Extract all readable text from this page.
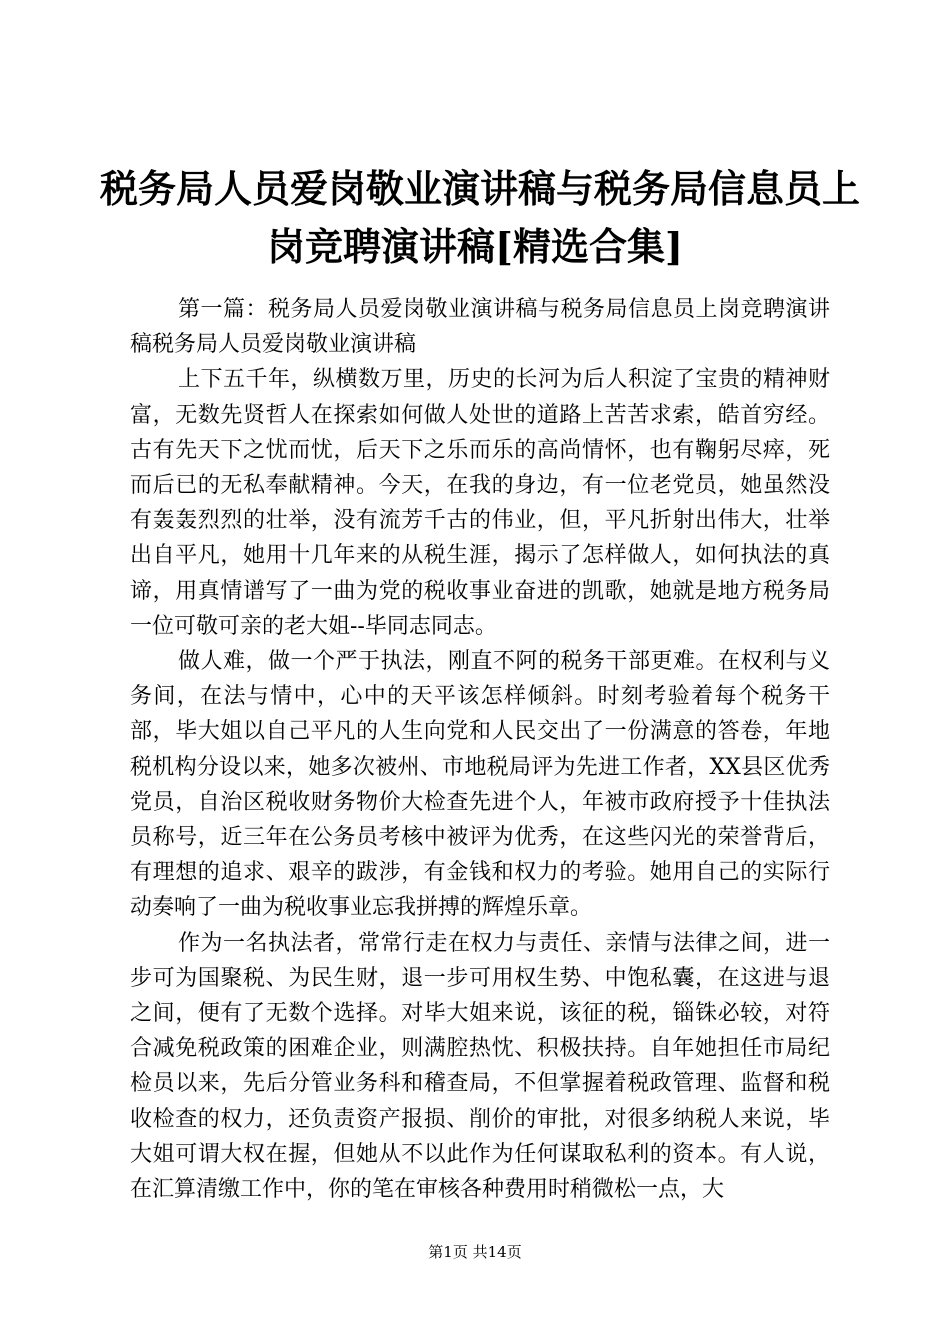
税务局人员爱岗敬业演讲稿与税务局信息员上
岗竞聘演讲稿[精选合集]

第一篇：税务局人员爱岗敬业演讲稿与税务局信息员上岗竞聘演讲稿税务局人员爱岗敬业演讲稿

上下五千年，纵横数万里，历史的长河为后人积淀了宝贵的精神财富，无数先贤哲人在探索如何做人处世的道路上苦苦求索，皓首穷经。古有先天下之忧而忧，后天下之乐而乐的高尚情怀，也有鞠躬尽瘁，死而后已的无私奉献精神。今天，在我的身边，有一位老党员，她虽然没有轰轰烈烈的壮举，没有流芳千古的伟业，但，平凡折射出伟大，壮举出自平凡，她用十几年来的从税生涯，揭示了怎样做人，如何执法的真谛，用真情谱写了一曲为党的税收事业奋进的凯歌，她就是地方税务局一位可敬可亲的老大姐--毕同志同志。

做人难，做一个严于执法，刚直不阿的税务干部更难。在权利与义务间，在法与情中，心中的天平该怎样倾斜。时刻考验着每个税务干部，毕大姐以自己平凡的人生向党和人民交出了一份满意的答卷，年地税机构分设以来，她多次被州、市地税局评为先进工作者，XX县区优秀党员，自治区税收财务物价大检查先进个人，年被市政府授予十佳执法员称号，近三年在公务员考核中被评为优秀，在这些闪光的荣誉背后，有理想的追求、艰辛的跋涉，有金钱和权力的考验。她用自己的实际行动奏响了一曲为税收事业忘我拼搏的辉煌乐章。

作为一名执法者，常常行走在权力与责任、亲情与法律之间，进一步可为国聚税、为民生财，退一步可用权生势、中饱私囊，在这进与退之间，便有了无数个选择。对毕大姐来说，该征的税，锱铢必较，对符合减免税政策的困难企业，则满腔热忱、积极扶持。自年她担任市局纪检员以来，先后分管业务科和稽查局，不但掌握着税政管理、监督和税收检查的权力，还负责资产报损、削价的审批，对很多纳税人来说，毕大姐可谓大权在握，但她从不以此作为任何谋取私利的资本。有人说，在汇算清缴工作中，你的笔在审核各种费用时稍微松一点，大

第1页 共14页
